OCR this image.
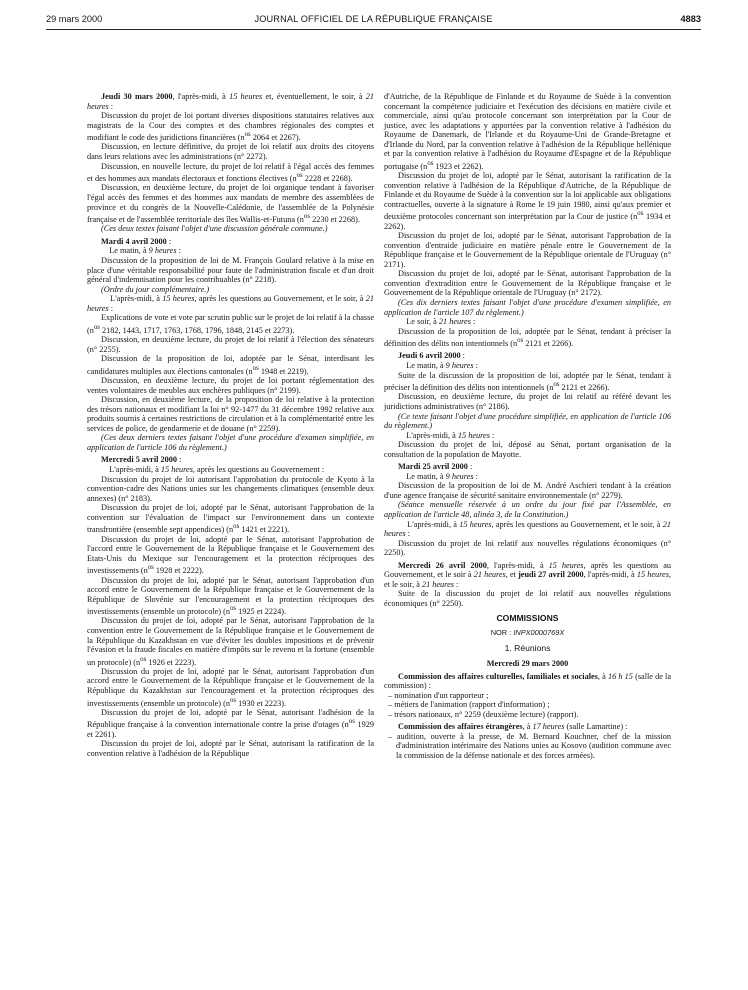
29 mars 2000	JOURNAL OFFICIEL DE LA RÉPUBLIQUE FRANÇAISE	4883

Jeudi 30 mars 2000, l'après-midi, à 15 heures et, éventuellement, le soir, à 21 heures :

Discussion du projet de loi portant diverses dispositions statutaires relatives aux magistrats de la Cour des comptes et des chambres régionales des comptes et modifiant le code des juridictions financières ($n^{os}$ 2064 et 2267).

Discussion, en lecture définitive, du projet de loi relatif aux droits des citoyens dans leurs relations avec les administrations (n° 2272).

Discussion, en nouvelle lecture, du projet de loi relatif à l'égal accès des femmes et des hommes aux mandats électoraux et fonctions électives ($n^{os}$ 2228 et 2268).

Discussion, en deuxième lecture, du projet de loi organique tendant à favoriser l'égal accès des femmes et des hommes aux mandats de membre des assemblées de province et du congrès de la Nouvelle-Calédonie, de l'assemblée de la Polynésie française et de l'assemblée territoriale des îles Wallis-et-Futuna ($n^{os}$ 2230 et 2268).

(Ces deux textes faisant l'objet d'une discussion générale commune.)

Mardi 4 avril 2000 :

Le matin, à 9 heures :

Discussion de la proposition de loi de M. François Goulard relative à la mise en place d'une véritable responsabilité pour faute de l'administration fiscale et d'un droit général d'indemnisation pour les contribuables (n° 2218).

(Ordre du jour complémentaire.)

L'après-midi, à 15 heures, après les questions au Gouvernement, et le soir, à 21 heures :

Explications de vote et vote par scrutin public sur le projet de loi relatif à la chasse ($n^{os}$ 2182, 1443, 1717, 1763, 1768, 1796, 1848, 2145 et 2273).

Discussion, en deuxième lecture, du projet de loi relatif à l'élection des sénateurs (n° 2255).

Discussion de la proposition de loi, adoptée par le Sénat, interdisant les candidatures multiples aux élections cantonales ($n^{os}$ 1948 et 2219).

Discussion, en deuxième lecture, du projet de loi portant réglementation des ventes volontaires de meubles aux enchères publiques (n° 2199).

Discussion, en deuxième lecture, de la proposition de loi relative à la protection des trésors nationaux et modifiant la loi n° 92-1477 du 31 décembre 1992 relative aux produits soumis à certaines restrictions de circulation et à la complémentarité entre les services de police, de gendarmerie et de douane (n° 2259).

(Ces deux derniers textes faisant l'objet d'une procédure d'examen simplifiée, en application de l'article 106 du règlement.)

Mercredi 5 avril 2000 :

L'après-midi, à 15 heures, après les questions au Gouvernement :

Discussion du projet de loi autorisant l'approbation du protocole de Kyoto à la convention-cadre des Nations unies sur les changements climatiques (ensemble deux annexes) (n° 2183).

Discussion du projet de loi, adopté par le Sénat, autorisant l'approbation de la convention sur l'évaluation de l'impact sur l'environnement dans un contexte transfrontière (ensemble sept appendices) ($n^{os}$ 1421 et 2221).

Discussion du projet de loi, adopté par le Sénat, autorisant l'approbation de l'accord entre le Gouvernement de la République française et le Gouvernement des Etats-Unis du Mexique sur l'encouragement et la protection réciproques des investissements ($n^{os}$ 1928 et 2222).

Discussion du projet de loi, adopté par le Sénat, autorisant l'approbation d'un accord entre le Gouvernement de la République française et le Gouvernement de la République de Slovénie sur l'encouragement et la protection réciproques des investissements (ensemble un protocole) ($n^{os}$ 1925 et 2224).

Discussion du projet de loi, adopté par le Sénat, autorisant l'approbation de la convention entre le Gouvernement de la République française et le Gouvernement de la République du Kazakhstan en vue d'éviter les doubles impositions et de prévenir l'évasion et la fraude fiscales en matière d'impôts sur le revenu et la fortune (ensemble un protocole) ($n^{os}$ 1926 et 2223).

Discussion du projet de loi, adopté par le Sénat, autorisant l'approbation d'un accord entre le Gouvernement de la République française et le Gouvernement de la République du Kazakhstan sur l'encouragement et la protection réciproques des investissements (ensemble un protocole) ($n^{os}$ 1930 et 2223).

Discussion du projet de loi, adopté par le Sénat, autorisant l'adhésion de la République française à la convention internationale contre la prise d'otages ($n^{os}$ 1929 et 2261).

Discussion du projet de loi, adopté par le Sénat, autorisant la ratification de la convention relative à l'adhésion de la République

d'Autriche, de la République de Finlande et du Royaume de Suède à la convention concernant la compétence judiciaire et l'exécution des décisions en matière civile et commerciale, ainsi qu'au protocole concernant son interprétation par la Cour de justice, avec les adaptations y apportées par la convention relative à l'adhésion du Royaume de Danemark, de l'Irlande et du Royaume-Uni de Grande-Bretagne et d'Irlande du Nord, par la convention relative à l'adhésion de la République hellénique et par la convention relative à l'adhésion du Royaume d'Espagne et de la République portugaise ($n^{os}$ 1923 et 2262).

Discussion du projet de loi, adopté par le Sénat, autorisant la ratification de la convention relative à l'adhésion de la République d'Autriche, de la République de Finlande et du Royaume de Suède à la convention sur la loi applicable aux obligations contractuelles, ouverte à la signature à Rome le 19 juin 1980, ainsi qu'aux premier et deuxième protocoles concernant son interprétation par la Cour de justice ($n^{os}$ 1934 et 2262).

Discussion du projet de loi, adopté par le Sénat, autorisant l'approbation de la convention d'entraide judiciaire en matière pénale entre le Gouvernement de la République française et le Gouvernement de la République orientale de l'Uruguay (n° 2171).

Discussion du projet de loi, adopté par le Sénat, autorisant l'approbation de la convention d'extradition entre le Gouvernement de la République française et le Gouvernement de la République orientale de l'Uruguay (n° 2172).

(Ces dix derniers textes faisant l'objet d'une procédure d'examen simplifiée, en application de l'article 107 du règlement.)

Le soir, à 21 heures :

Discussion de la proposition de loi, adoptée par le Sénat, tendant à préciser la définition des délits non intentionnels ($n^{os}$ 2121 et 2266).

Jeudi 6 avril 2000 :

Le matin, à 9 heures :

Suite de la discussion de la proposition de loi, adoptée par le Sénat, tendant à préciser la définition des délits non intentionnels ($n^{os}$ 2121 et 2266).

Discussion, en deuxième lecture, du projet de loi relatif au référé devant les juridictions administratives (n° 2186).

(Ce texte faisant l'objet d'une procédure simplifiée, en application de l'article 106 du règlement.)

L'après-midi, à 15 heures :

Discussion du projet de loi, déposé au Sénat, portant organisation de la consultation de la population de Mayotte.

Mardi 25 avril 2000 :

Le matin, à 9 heures :

Discussion de la proposition de loi de M. André Aschieri tendant à la création d'une agence française de sécurité sanitaire environnementale (n° 2279).

(Séance mensuelle réservée à un ordre du jour fixé par l'Assemblée, en application de l'article 48, alinéa 3, de la Constitution.)

L'après-midi, à 15 heures, après les questions au Gouvernement, et le soir, à 21 heures :

Discussion du projet de loi relatif aux nouvelles régulations économiques (n° 2250).

Mercredi 26 avril 2000, l'après-midi, à 15 heures, après les questions au Gouvernement, et le soir à 21 heures, et jeudi 27 avril 2000, l'après-midi, à 15 heures, et le soir, à 21 heures :

Suite de la discussion du projet de loi relatif aux nouvelles régulations économiques (n° 2250).

COMMISSIONS

NOR : INPX0000769X

1. Réunions

Mercredi 29 mars 2000

Commission des affaires culturelles, familiales et sociales, à 16 h 15 (salle de la commission) :

– nomination d'un rapporteur ;

– métiers de l'animation (rapport d'information) ;

– trésors nationaux, n° 2259 (deuxième lecture) (rapport).

Commission des affaires étrangères, à 17 heures (salle Lamartine) :

– audition, ouverte à la presse, de M. Bernard Kouchner, chef de la mission d'administration intérimaire des Nations unies au Kosovo (audition commune avec la commission de la défense nationale et des forces armées).
